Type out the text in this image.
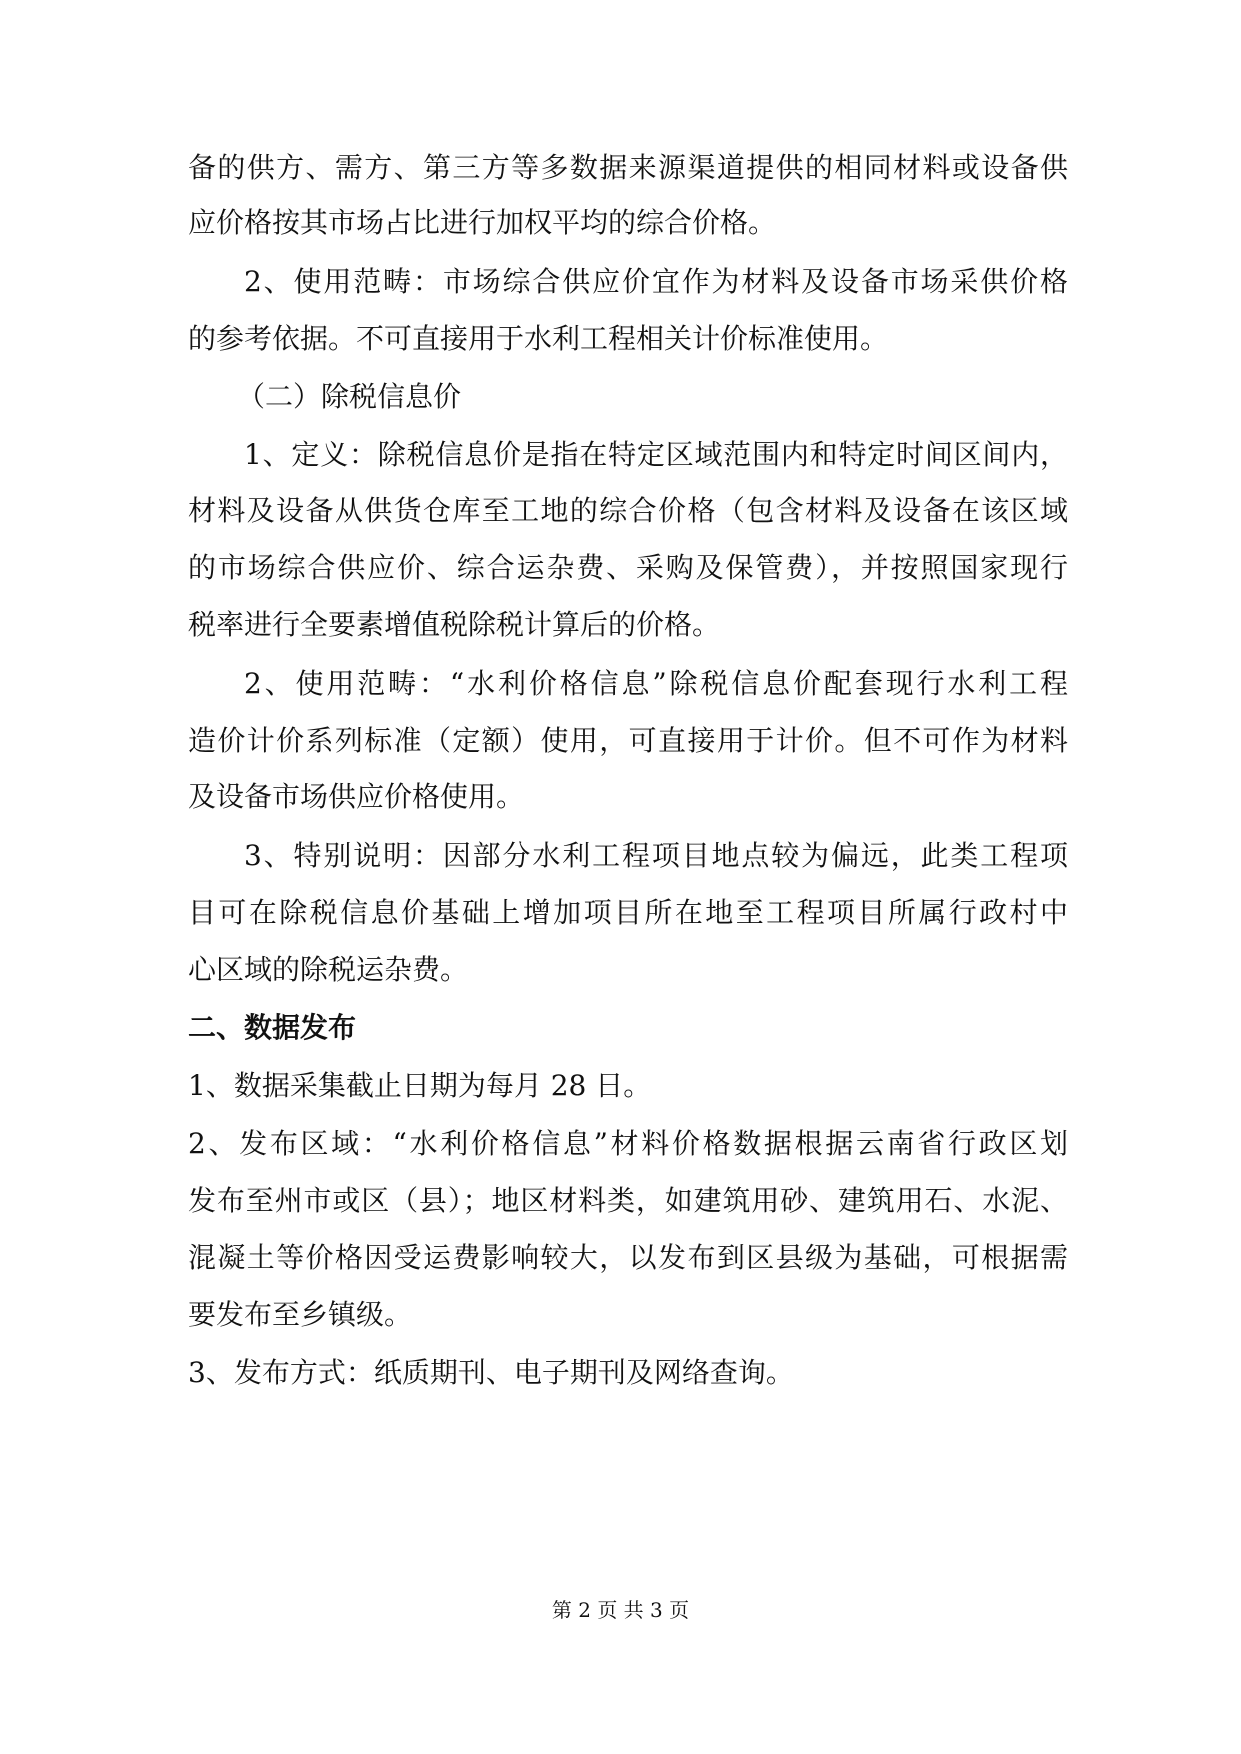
备的供方、需方、第三方等多数据来源渠道提供的相同材料或设备供
应价格按其市场占比进行加权平均的综合价格。
2、使用范畴：市场综合供应价宜作为材料及设备市场采供价格
的参考依据。不可直接用于水利工程相关计价标准使用。
（二）除税信息价
1、定义：除税信息价是指在特定区域范围内和特定时间区间内，
材料及设备从供货仓库至工地的综合价格（包含材料及设备在该区域
的市场综合供应价、综合运杂费、采购及保管费），并按照国家现行
税率进行全要素增值税除税计算后的价格。
2、使用范畴：“水利价格信息”除税信息价配套现行水利工程
造价计价系列标准（定额）使用，可直接用于计价。但不可作为材料
及设备市场供应价格使用。
3、特别说明：因部分水利工程项目地点较为偏远，此类工程项
目可在除税信息价基础上增加项目所在地至工程项目所属行政村中
心区域的除税运杂费。
二、数据发布
1、数据采集截止日期为每月 28 日。
2、发布区域：“水利价格信息”材料价格数据根据云南省行政区划
发布至州市或区（县）；地区材料类，如建筑用砂、建筑用石、水泥、
混凝土等价格因受运费影响较大，以发布到区县级为基础，可根据需
要发布至乡镇级。
3、发布方式：纸质期刊、电子期刊及网络查询。
第 2 页 共 3 页
